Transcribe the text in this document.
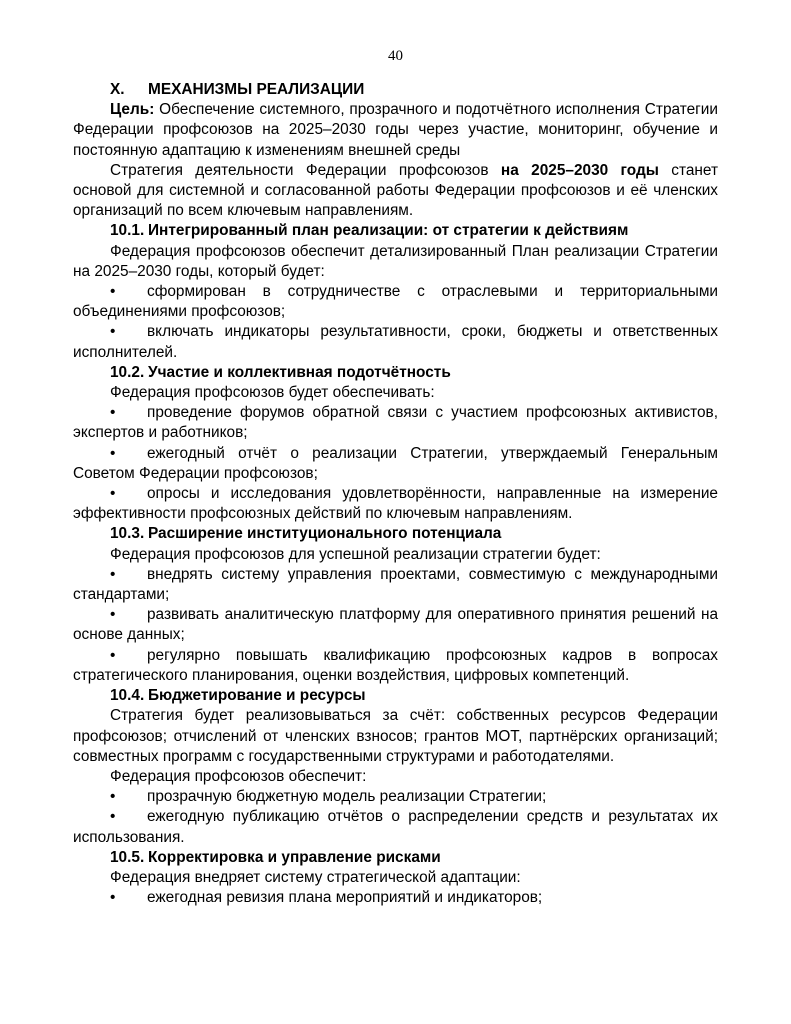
40

X. МЕХАНИЗМЫ РЕАЛИЗАЦИИ

Цель: Обеспечение системного, прозрачного и подотчётного исполнения Стратегии Федерации профсоюзов на 2025–2030 годы через участие, мониторинг, обучение и постоянную адаптацию к изменениям внешней среды

Стратегия деятельности Федерации профсоюзов на 2025–2030 годы станет основой для системной и согласованной работы Федерации профсоюзов и её членских организаций по всем ключевым направлениям.

10.1. Интегрированный план реализации: от стратегии к действиям

Федерация профсоюзов обеспечит детализированный План реализации Стратегии на 2025–2030 годы, который будет:

• сформирован в сотрудничестве с отраслевыми и территориальными объединениями профсоюзов;

• включать индикаторы результативности, сроки, бюджеты и ответственных исполнителей.

10.2. Участие и коллективная подотчётность

Федерация профсоюзов будет обеспечивать:

• проведение форумов обратной связи с участием профсоюзных активистов, экспертов и работников;

• ежегодный отчёт о реализации Стратегии, утверждаемый Генеральным Советом Федерации профсоюзов;

• опросы и исследования удовлетворённости, направленные на измерение эффективности профсоюзных действий по ключевым направлениям.

10.3. Расширение институционального потенциала

Федерация профсоюзов для успешной реализации стратегии будет:

• внедрять систему управления проектами, совместимую с международными стандартами;

• развивать аналитическую платформу для оперативного принятия решений на основе данных;

• регулярно повышать квалификацию профсоюзных кадров в вопросах стратегического планирования, оценки воздействия, цифровых компетенций.

10.4. Бюджетирование и ресурсы

Стратегия будет реализовываться за счёт: собственных ресурсов Федерации профсоюзов; отчислений от членских взносов; грантов МОТ, партнёрских организаций; совместных программ с государственными структурами и работодателями.

Федерация профсоюзов обеспечит:

• прозрачную бюджетную модель реализации Стратегии;

• ежегодную публикацию отчётов о распределении средств и результатах их использования.

10.5. Корректировка и управление рисками

Федерация внедряет систему стратегической адаптации:

• ежегодная ревизия плана мероприятий и индикаторов;
